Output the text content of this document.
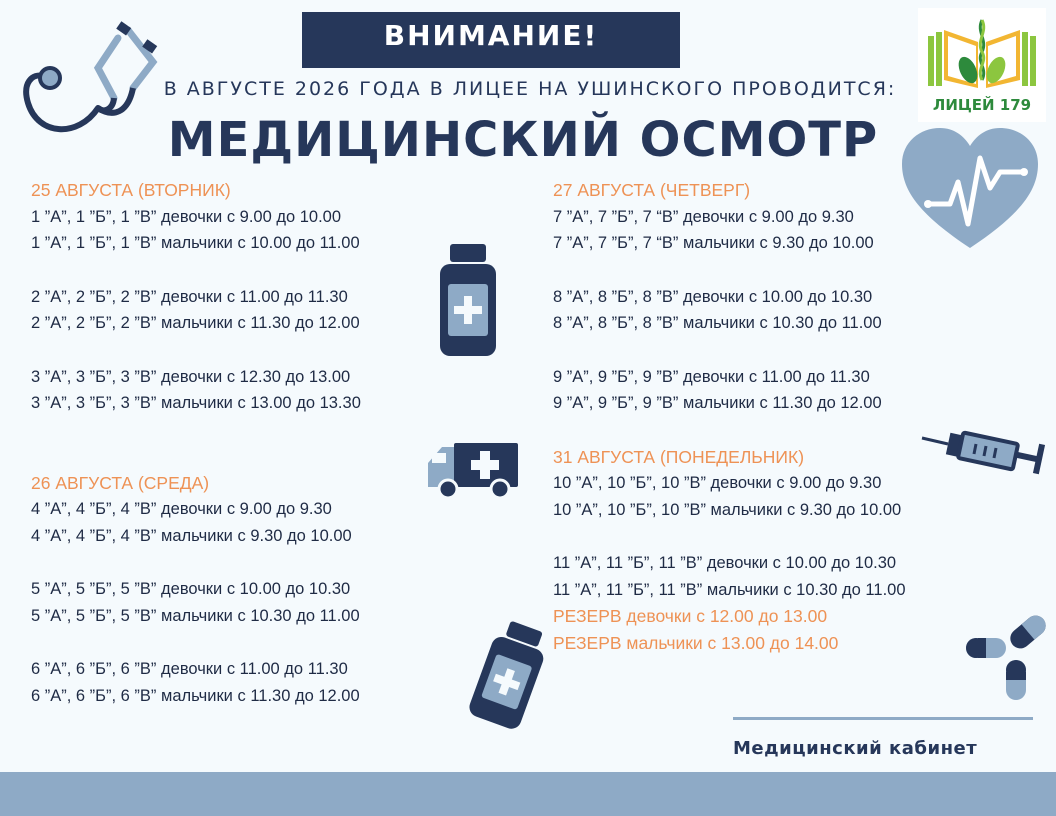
ВНИМАНИЕ!
В АВГУСТЕ 2026 ГОДА В ЛИЦЕЕ НА УШИНСКОГО ПРОВОДИТСЯ:
МЕДИЦИНСКИЙ ОСМОТР
ЛИЦЕЙ 179
25 АВГУСТА (ВТОРНИК)
1 ”А”, 1 ”Б”, 1 ”В” девочки с 9.00 до 10.00
1 ”А”, 1 ”Б”, 1 ”В” мальчики с 10.00 до 11.00
2 ”А”, 2 ”Б”, 2 ”В” девочки с 11.00 до 11.30
2 ”А”, 2 ”Б”, 2 ”В” мальчики с 11.30 до 12.00
3 ”А”, 3 ”Б”, 3 ”В” девочки с 12.30 до 13.00
3 ”А”, 3 ”Б”, 3 ”В” мальчики с 13.00 до 13.30
26 АВГУСТА (СРЕДА)
4 ”А”, 4 ”Б”, 4 ”В” девочки с 9.00 до 9.30
4 ”А”, 4 ”Б”, 4 ”В” мальчики с 9.30 до 10.00
5 ”А”, 5 ”Б”, 5 ”В” девочки с 10.00 до 10.30
5 ”А”, 5 ”Б”, 5 ”В” мальчики с 10.30 до 11.00
6 ”А”, 6 ”Б”, 6 ”В” девочки с 11.00 до 11.30
6 ”А”, 6 ”Б”, 6 ”В” мальчики с 11.30 до 12.00
27 АВГУСТА (ЧЕТВЕРГ)
7 ”А”, 7 ”Б”, 7 “В” девочки с 9.00 до 9.30
7 ”А”, 7 ”Б”, 7 “В” мальчики с 9.30 до 10.00
8 ”А”, 8 ”Б”, 8 ”В” девочки с 10.00 до 10.30
8 ”А”, 8 ”Б”, 8 ”В” мальчики с 10.30 до 11.00
9 ”А”, 9 ”Б”, 9 ”В” девочки с 11.00 до 11.30
9 ”А”, 9 ”Б”, 9 ”В” мальчики с 11.30 до 12.00
31 АВГУСТА (ПОНЕДЕЛЬНИК)
10 ”А”, 10 ”Б”, 10 ”В” девочки с 9.00 до 9.30
10 ”А”, 10 ”Б”, 10 ”В” мальчики с 9.30 до 10.00
11 ”А”, 11 ”Б”, 11 ”В” девочки с 10.00 до 10.30
11 ”А”, 11 ”Б”, 11 ”В” мальчики с 10.30 до 11.00
РЕЗЕРВ девочки с 12.00 до 13.00
РЕЗЕРВ мальчики с 13.00 до 14.00
Медицинский кабинет
